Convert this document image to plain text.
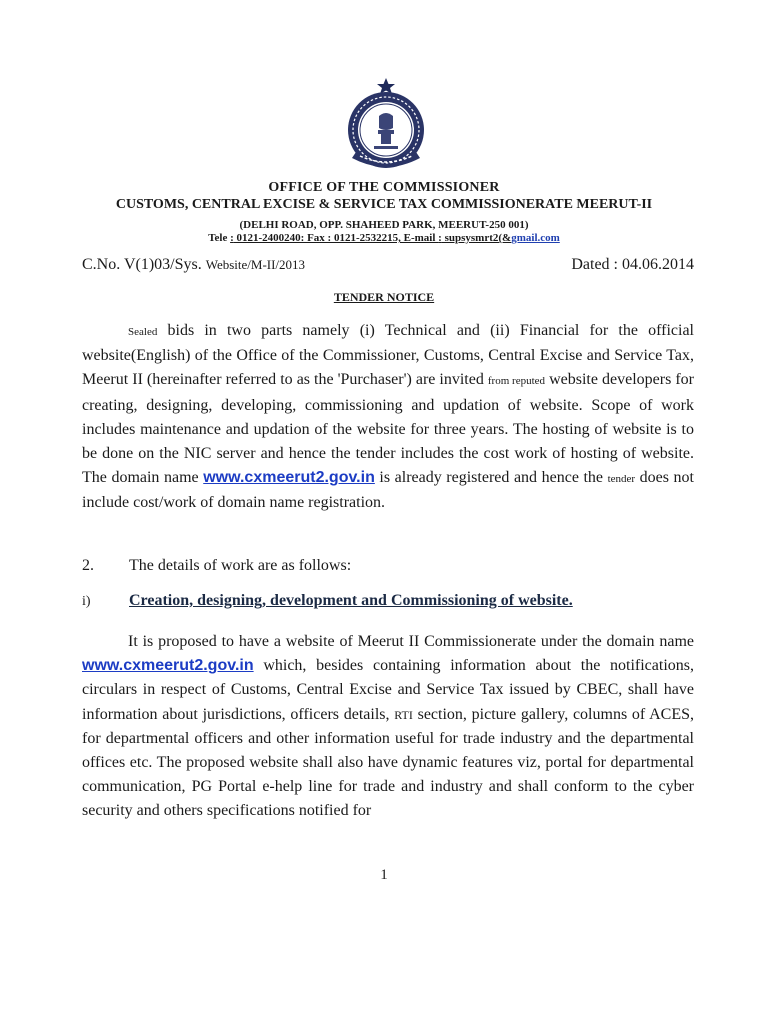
OFFICE OF THE COMMISSIONER
CUSTOMS, CENTRAL EXCISE & SERVICE TAX COMMISSIONERATE MEERUT-II
(DELHI ROAD, OPP. SHAHEED PARK, MEERUT-250 001)
Tele : 0121-2400240: Fax : 0121-2532215, E-mail : supsysmrt2(&gmail.com
C.No. V(1)03/Sys. Website/M-II/2013	Dated : 04.06.2014
TENDER NOTICE
Sealed bids in two parts namely (i) Technical and (ii) Financial for the official website(English) of the Office of the Commissioner, Customs, Central Excise and Service Tax, Meerut II (hereinafter referred to as the 'Purchaser') are invited from reputed website developers for creating, designing, developing, commissioning and updation of website. Scope of work includes maintenance and updation of the website for three years. The hosting of website is to be done on the NIC server and hence the tender includes the cost work of hosting of website. The domain name www.cxmeerut2.gov.in is already registered and hence the tender does not include cost/work of domain name registration.
2. The details of work are as follows:
i) Creation, designing, development and Commissioning of website.
It is proposed to have a website of Meerut II Commissionerate under the domain name www.cxmeerut2.gov.in which, besides containing information about the notifications, circulars in respect of Customs, Central Excise and Service Tax issued by CBEC, shall have information about jurisdictions, officers details, RTI section, picture gallery, columns of ACES, for departmental officers and other information useful for trade industry and the departmental offices etc. The proposed website shall also have dynamic features viz, portal for departmental communication, PG Portal e-help line for trade and industry and shall conform to the cyber security and others specifications notified for
1
